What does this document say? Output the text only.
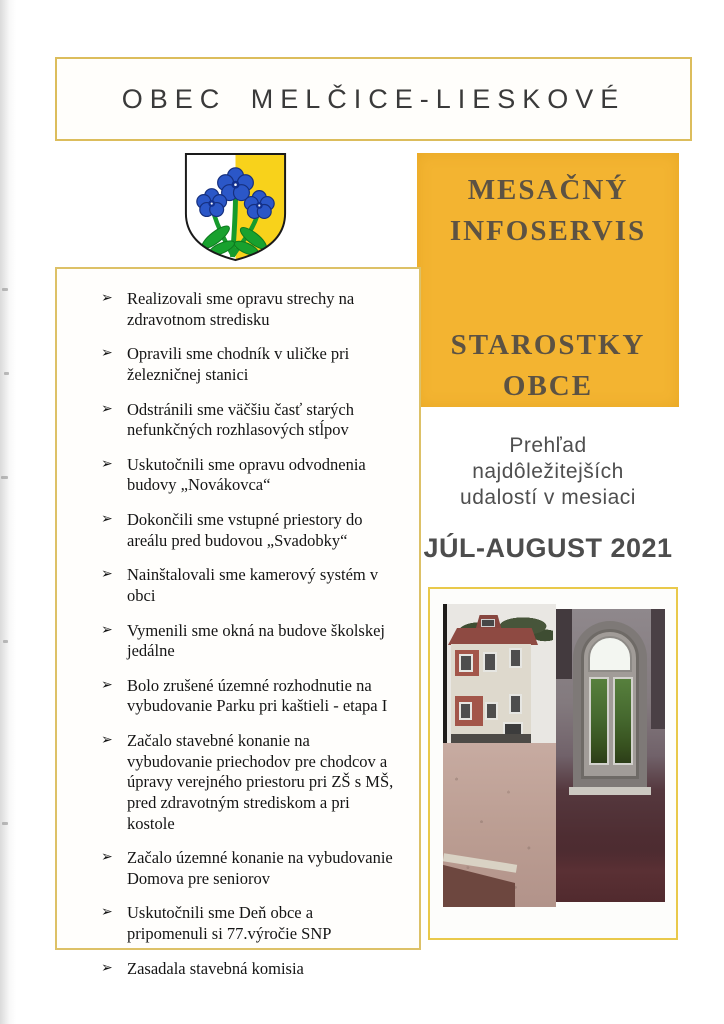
OBEC MELČICE-LIESKOVÉ
MESAČNÝ
INFOSERVIS
STAROSTKY
OBCE
Prehľad
najdôležitejších
udalostí v mesiaci
JÚL-AUGUST 2021
➢ Realizovali sme opravu strechy na zdravotnom stredisku
➢ Opravili sme chodník v uličke pri železničnej stanici
➢ Odstránili sme väčšiu časť starých nefunkčných rozhlasových stĺpov
➢ Uskutočnili sme opravu odvodnenia budovy „Novákovca“
➢ Dokončili sme vstupné priestory do areálu pred budovou „Svadobky“
➢ Nainštalovali sme kamerový systém v obci
➢ Vymenili sme okná na budove školskej jedálne
➢ Bolo zrušené územné rozhodnutie na vybudovanie Parku pri kaštieli - etapa I
➢ Začalo stavebné konanie na vybudovanie priechodov pre chodcov a úpravy verejného priestoru pri ZŠ s MŠ, pred zdravotným strediskom a pri kostole
➢ Začalo územné konanie na vybudovanie Domova pre seniorov
➢ Uskutočnili sme Deň obce a pripomenuli si 77.výročie SNP
➢ Zasadala stavebná komisia
